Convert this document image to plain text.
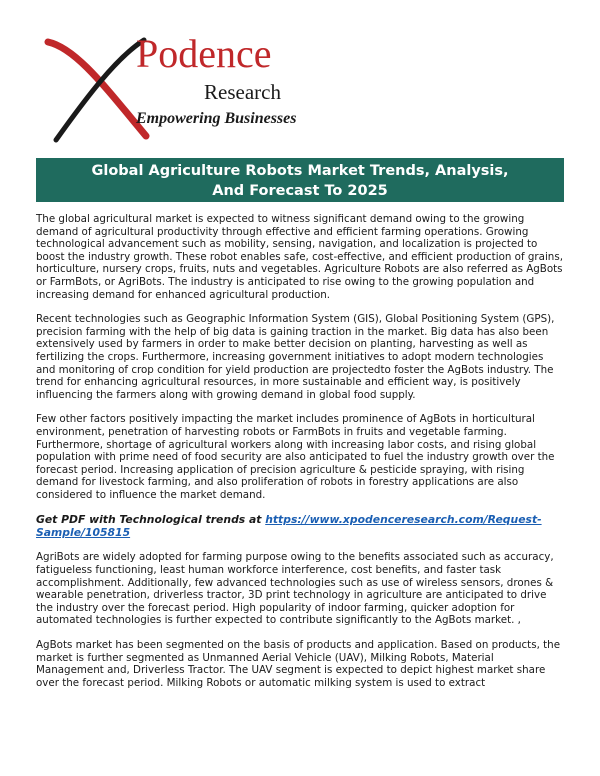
Podence
Research
Empowering Businesses
Global Agriculture Robots Market Trends, Analysis,
And Forecast To 2025

The global agricultural market is expected to witness significant demand owing to the growing demand of agricultural productivity through effective and efficient farming operations. Growing technological advancement such as mobility, sensing, navigation, and localization is projected to boost the industry growth. These robot enables safe, cost-effective, and efficient production of grains, horticulture, nursery crops, fruits, nuts and vegetables. Agriculture Robots are also referred as AgBots or FarmBots, or AgriBots. The industry is anticipated to rise owing to the growing population and increasing demand for enhanced agricultural production.

Recent technologies such as Geographic Information System (GIS), Global Positioning System (GPS), precision farming with the help of big data is gaining traction in the market. Big data has also been extensively used by farmers in order to make better decision on planting, harvesting as well as fertilizing the crops. Furthermore, increasing government initiatives to adopt modern technologies and monitoring of crop condition for yield production are projectedto foster the AgBots industry. The trend for enhancing agricultural resources, in more sustainable and efficient way, is positively influencing the farmers along with growing demand in global food supply.

Few other factors positively impacting the market includes prominence of AgBots in horticultural environment, penetration of harvesting robots or FarmBots in fruits and vegetable farming. Furthermore, shortage of agricultural workers along with increasing labor costs, and rising global population with prime need of food security are also anticipated to fuel the industry growth over the forecast period. Increasing application of precision agriculture & pesticide spraying, with rising demand for livestock farming, and also proliferation of robots in forestry applications are also considered to influence the market demand.

Get PDF with Technological trends at https://www.xpodenceresearch.com/Request-Sample/105815

AgriBots are widely adopted for farming purpose owing to the benefits associated such as accuracy, fatigueless functioning, least human workforce interference, cost benefits, and faster task accomplishment. Additionally, few advanced technologies such as use of wireless sensors, drones & wearable penetration, driverless tractor, 3D print technology in agriculture are anticipated to drive the industry over the forecast period. High popularity of indoor farming, quicker adoption for automated technologies is further expected to contribute significantly to the AgBots market. ,

AgBots market has been segmented on the basis of products and application. Based on products, the market is further segmented as Unmanned Aerial Vehicle (UAV), Milking Robots, Material Management and, Driverless Tractor. The UAV segment is expected to depict highest market share over the forecast period. Milking Robots or automatic milking system is used to extract
